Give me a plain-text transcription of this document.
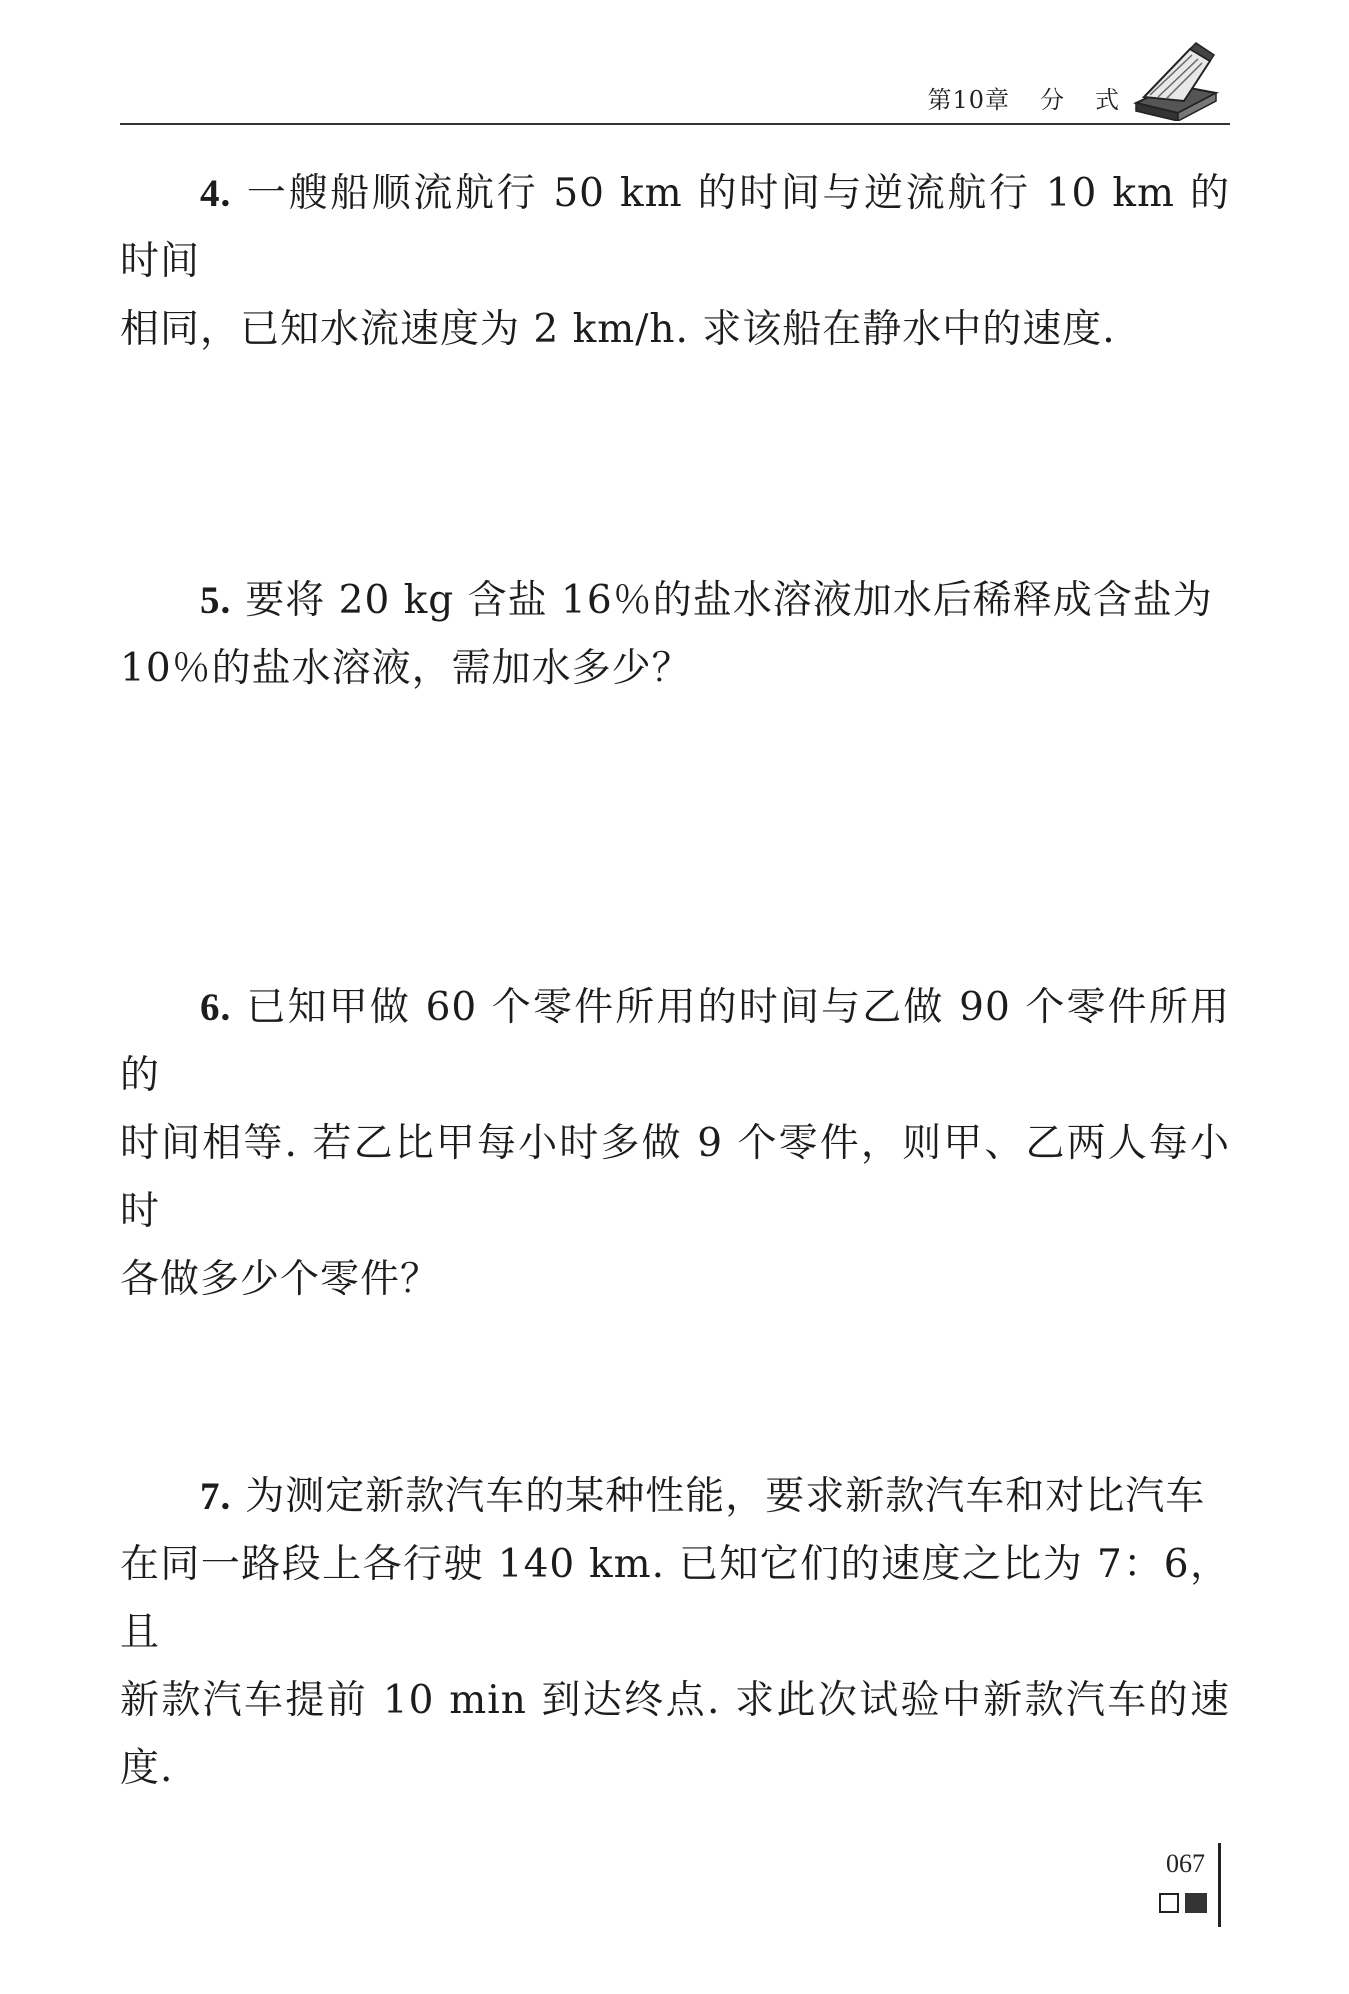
第10章 分 式
4. 一艘船顺流航行 50 km 的时间与逆流航行 10 km 的时间
相同，已知水流速度为 2 km/h. 求该船在静水中的速度.
5. 要将 20 kg 含盐 16％的盐水溶液加水后稀释成含盐为
10％的盐水溶液，需加水多少？
6. 已知甲做 60 个零件所用的时间与乙做 90 个零件所用的
时间相等. 若乙比甲每小时多做 9 个零件，则甲、乙两人每小时
各做多少个零件？
7. 为测定新款汽车的某种性能，要求新款汽车和对比汽车
在同一路段上各行驶 140 km. 已知它们的速度之比为 7：6，且
新款汽车提前 10 min 到达终点. 求此次试验中新款汽车的速度.
067
